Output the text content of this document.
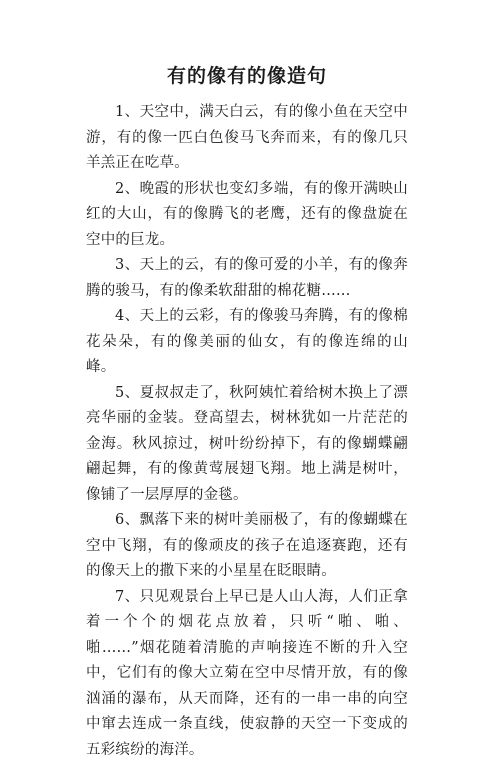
有的像有的像造句

1、天空中，满天白云，有的像小鱼在天空中游，有的像一匹白色俊马飞奔而来，有的像几只羊羔正在吃草。

2、晚霞的形状也变幻多端，有的像开满映山红的大山，有的像腾飞的老鹰，还有的像盘旋在空中的巨龙。

3、天上的云，有的像可爱的小羊，有的像奔腾的骏马，有的像柔软甜甜的棉花糖……

4、天上的云彩，有的像骏马奔腾，有的像棉花朵朵，有的像美丽的仙女，有的像连绵的山峰。

5、夏叔叔走了，秋阿姨忙着给树木换上了漂亮华丽的金装。登高望去，树林犹如一片茫茫的金海。秋风掠过，树叶纷纷掉下，有的像蝴蝶翩翩起舞，有的像黄莺展翅飞翔。地上满是树叶，像铺了一层厚厚的金毯。

6、飘落下来的树叶美丽极了，有的像蝴蝶在空中飞翔，有的像顽皮的孩子在追逐赛跑，还有的像天上的撒下来的小星星在眨眼睛。

7、只见观景台上早已是人山人海，人们正拿着一个个的烟花点放着，只听“啪、啪、啪……”烟花随着清脆的声响接连不断的升入空中，它们有的像大立菊在空中尽情开放，有的像汹涌的瀑布，从天而降，还有的一串一串的向空中窜去连成一条直线，使寂静的天空一下变成的五彩缤纷的海洋。
